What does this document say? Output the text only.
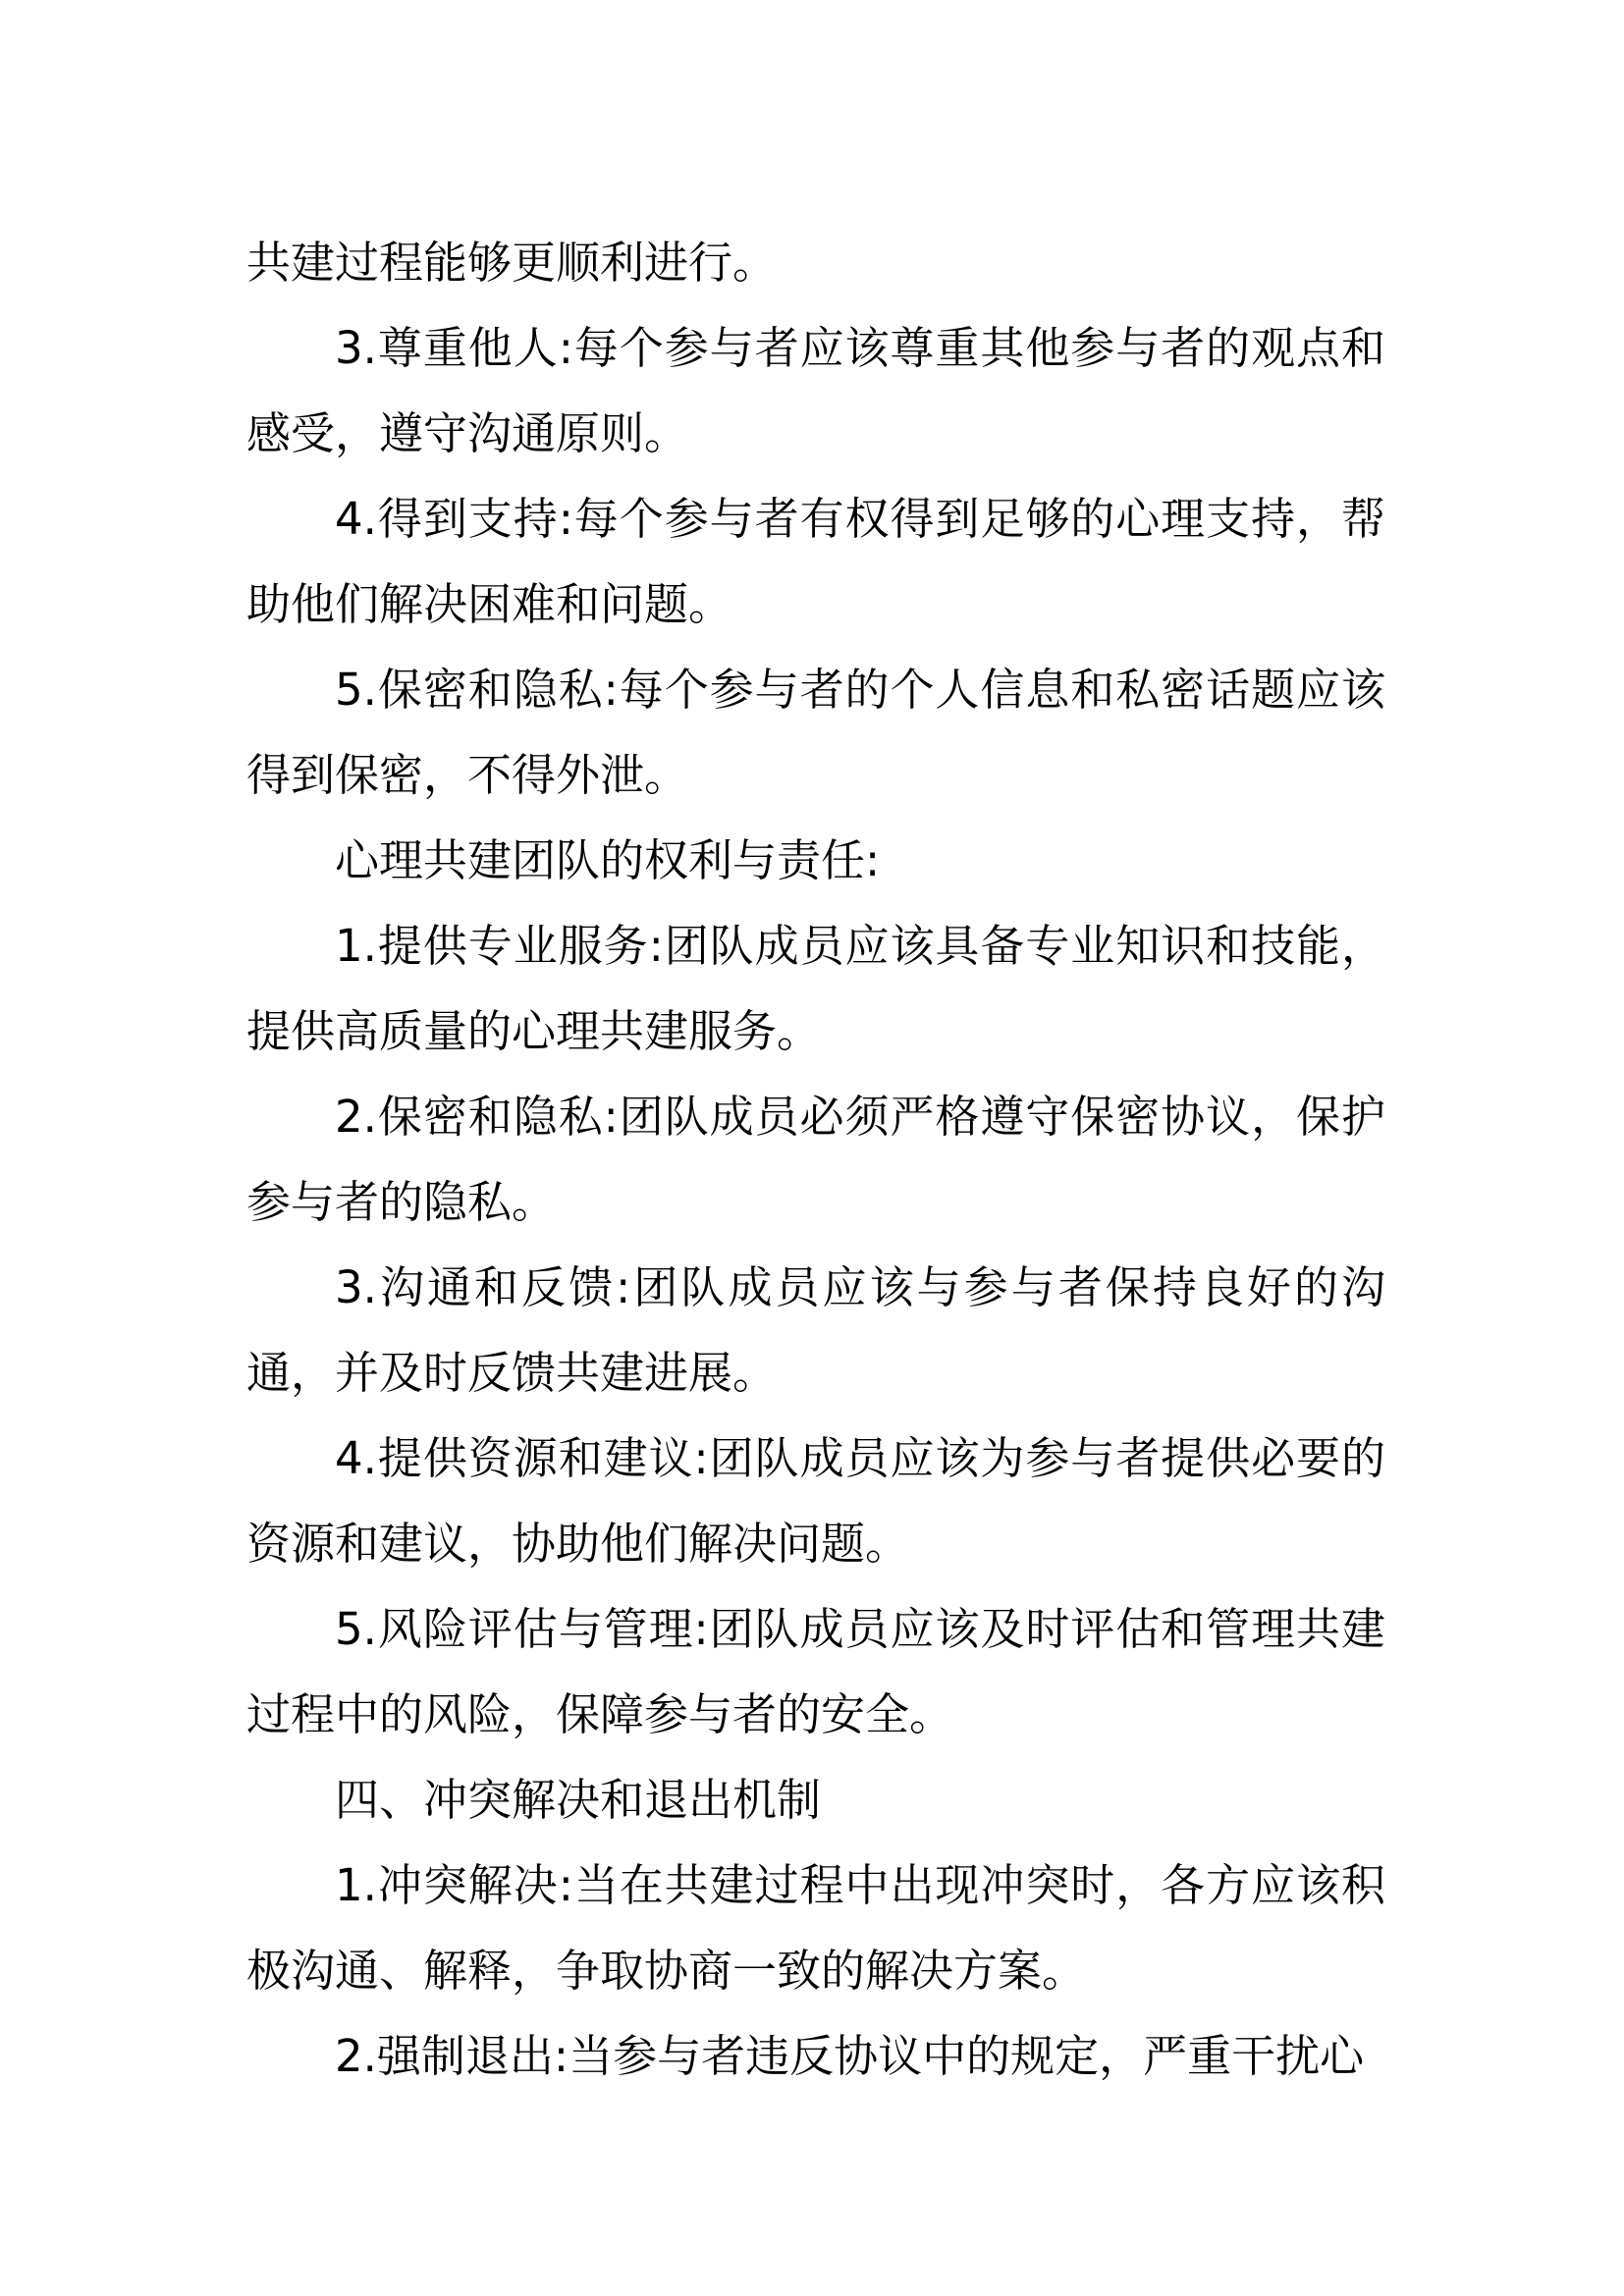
共建过程能够更顺利进行。

3.尊重他人:每个参与者应该尊重其他参与者的观点和感受，遵守沟通原则。

4.得到支持:每个参与者有权得到足够的心理支持，帮助他们解决困难和问题。

5.保密和隐私:每个参与者的个人信息和私密话题应该得到保密，不得外泄。

心理共建团队的权利与责任:

1.提供专业服务:团队成员应该具备专业知识和技能，提供高质量的心理共建服务。

2.保密和隐私:团队成员必须严格遵守保密协议，保护参与者的隐私。

3.沟通和反馈:团队成员应该与参与者保持良好的沟通，并及时反馈共建进展。

4.提供资源和建议:团队成员应该为参与者提供必要的资源和建议，协助他们解决问题。

5.风险评估与管理:团队成员应该及时评估和管理共建过程中的风险，保障参与者的安全。

四、冲突解决和退出机制

1.冲突解决:当在共建过程中出现冲突时，各方应该积极沟通、解释，争取协商一致的解决方案。

2.强制退出:当参与者违反协议中的规定，严重干扰心
